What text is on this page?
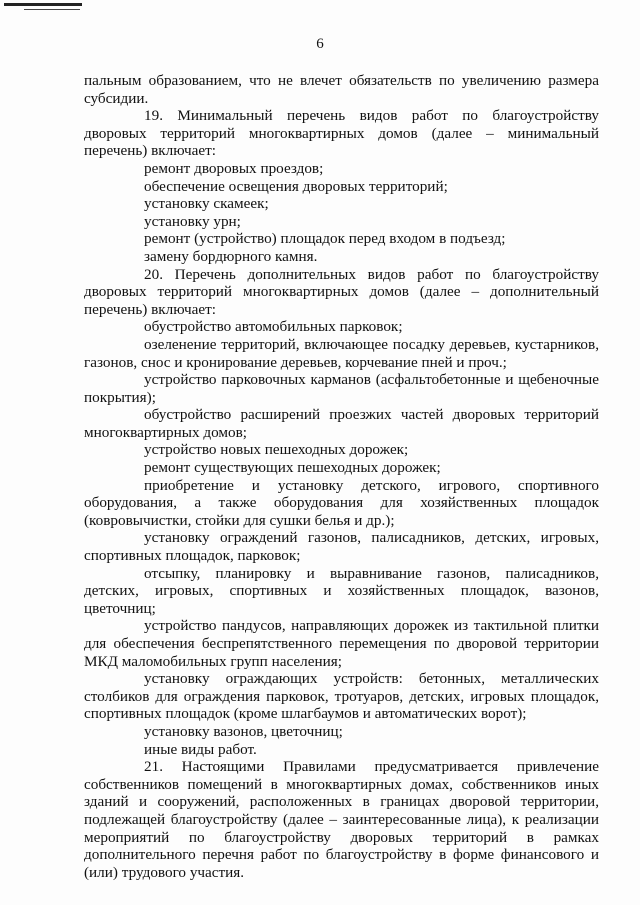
6

пальным образованием, что не влечет обязательств по увеличению размера субсидии.

19. Минимальный перечень видов работ по благоустройству дворовых территорий многоквартирных домов (далее – минимальный перечень) включает:

ремонт дворовых проездов;

обеспечение освещения дворовых территорий;

установку скамеек;

установку урн;

ремонт (устройство) площадок перед входом в подъезд;

замену бордюрного камня.

20. Перечень дополнительных видов работ по благоустройству дворовых территорий многоквартирных домов (далее – дополнительный перечень) включает:

обустройство автомобильных парковок;

озеленение территорий, включающее посадку деревьев, кустарников, газонов, снос и кронирование деревьев, корчевание пней и проч.;

устройство парковочных карманов (асфальтобетонные и щебеночные покрытия);

обустройство расширений проезжих частей дворовых территорий многоквартирных домов;

устройство новых пешеходных дорожек;

ремонт существующих пешеходных дорожек;

приобретение и установку детского, игрового, спортивного оборудования, а также оборудования для хозяйственных площадок (ковровычистки, стойки для сушки белья и др.);

установку ограждений газонов, палисадников, детских, игровых, спортивных площадок, парковок;

отсыпку, планировку и выравнивание газонов, палисадников, детских, игровых, спортивных и хозяйственных площадок, вазонов, цветочниц;

устройство пандусов, направляющих дорожек из тактильной плитки для обеспечения беспрепятственного перемещения по дворовой территории МКД маломобильных групп населения;

установку ограждающих устройств: бетонных, металлических столбиков для ограждения парковок, тротуаров, детских, игровых площадок, спортивных площадок (кроме шлагбаумов и автоматических ворот);

установку вазонов, цветочниц;

иные виды работ.

21. Настоящими Правилами предусматривается привлечение собственников помещений в многоквартирных домах, собственников иных зданий и сооружений, расположенных в границах дворовой территории, подлежащей благоустройству (далее – заинтересованные лица), к реализации мероприятий по благоустройству дворовых территорий в рамках дополнительного перечня работ по благоустройству в форме финансового и (или) трудового участия.
